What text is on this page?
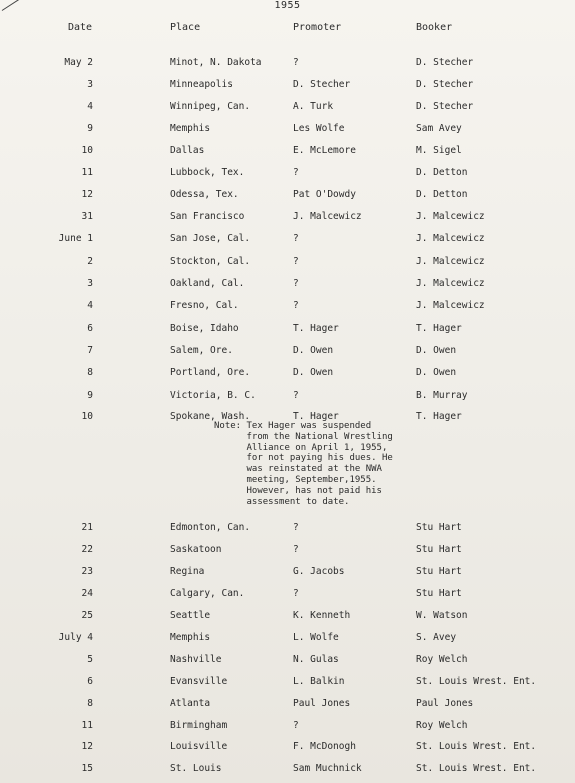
1955
Date	Place	Promoter	Booker
May 2	Minot, N. Dakota	?	D. Stecher
3	Minneapolis	D. Stecher	D. Stecher
4	Winnipeg, Can.	A. Turk	D. Stecher
9	Memphis	Les Wolfe	Sam Avey
10	Dallas	E. McLemore	M. Sigel
11	Lubbock, Tex.	?	D. Detton
12	Odessa, Tex.	Pat O'Dowdy	D. Detton
31	San Francisco	J. Malcewicz	J. Malcewicz
June 1	San Jose, Cal.	?	J. Malcewicz
2	Stockton, Cal.	?	J. Malcewicz
3	Oakland, Cal.	?	J. Malcewicz
4	Fresno, Cal.	?	J. Malcewicz
6	Boise, Idaho	T. Hager	T. Hager
7	Salem, Ore.	D. Owen	D. Owen
8	Portland, Ore.	D. Owen	D. Owen
9	Victoria, B. C.	?	B. Murray
10	Spokane, Wash.	T. Hager	T. Hager
21	Edmonton, Can.	?	Stu Hart
22	Saskatoon	?	Stu Hart
23	Regina	G. Jacobs	Stu Hart
24	Calgary, Can.	?	Stu Hart
25	Seattle	K. Kenneth	W. Watson
July 4	Memphis	L. Wolfe	S. Avey
5	Nashville	N. Gulas	Roy Welch
6	Evansville	L. Balkin	St. Louis Wrest. Ent.
8	Atlanta	Paul Jones	Paul Jones
11	Birmingham	?	Roy Welch
12	Louisville	F. McDonogh	St. Louis Wrest. Ent.
15	St. Louis	Sam Muchnick	St. Louis Wrest. Ent.
Note: Tex Hager was suspended
from the National Wrestling
Alliance on April 1, 1955,
for not paying his dues. He
was reinstated at the NWA
meeting, September,1955.
However, has not paid his
assessment to date.
